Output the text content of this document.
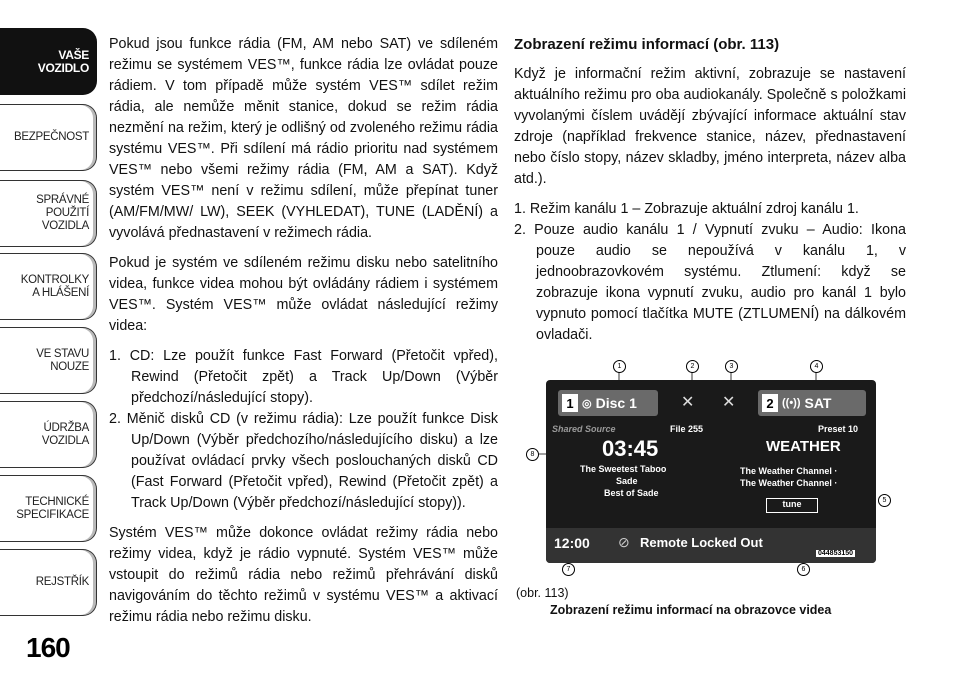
VAŠE
VOZIDLO
BEZPEČNOST
SPRÁVNÉ
POUŽITÍ
VOZIDLA
KONTROLKY
A HLÁŠENÍ
VE STAVU
NOUZE
ÚDRŽBA
VOZIDLA
TECHNICKÉ
SPECIFIKACE
REJSTŘÍK
160

Pokud jsou funkce rádia (FM, AM nebo SAT) ve sdíleném režimu se systémem VES™, funkce rádia lze ovládat pouze rádiem. V tom případě může systém VES™ sdílet režim rádia, ale nemůže měnit stanice, dokud se režim rádia nezmění na režim, který je odlišný od zvoleného režimu rádia systému VES™. Při sdílení má rádio prioritu nad systémem VES™ nebo všemi režimy rádia (FM, AM a SAT). Když systém VES™ není v režimu sdílení, může přepínat tuner (AM/FM/MW/ LW), SEEK (VYHLEDAT), TUNE (LADĚNÍ) a vyvolává přednastavení v režimech rádia.

Pokud je systém ve sdíleném režimu disku nebo satelitního videa, funkce videa mohou být ovládány rádiem i systémem VES™. Systém VES™ může ovládat následující režimy videa:

1. CD: Lze použít funkce Fast Forward (Přetočit vpřed), Rewind (Přetočit zpět) a Track Up/Down (Výběr předchozí/následující stopy).

2. Měnič disků CD (v režimu rádia): Lze použít funkce Disk Up/Down (Výběr předchozího/následujícího disku) a lze používat ovládací prvky všech poslouchaných disků CD (Fast Forward (Přetočit vpřed), Rewind (Přetočit zpět) a Track Up/Down (Výběr předchozí/následující stopy)).

Systém VES™ může dokonce ovládat režimy rádia nebo režimy videa, když je rádio vypnuté. Systém VES™ může vstoupit do režimů rádia nebo režimů přehrávání disků navigováním do těchto režimů v systému VES™ a aktivací režimu rádia nebo režimu disku.

Zobrazení režimu informací (obr. 113)

Když je informační režim aktivní, zobrazuje se nastavení aktuálního režimu pro oba audiokanály. Společně s položkami vyvolanými číslem uvádějí zbývající informace aktuální stav zdroje (například frekvence stanice, název, přednastavení nebo číslo stopy, název skladby, jméno interpreta, název alba atd.).

1. Režim kanálu 1 – Zobrazuje aktuální zdroj kanálu 1.

2. Pouze audio kanálu 1 / Vypnutí zvuku – Audio: Ikona pouze audio se nepoužívá v kanálu 1, v jednoobrazovkovém systému. Ztlumení: když se zobrazuje ikona vypnutí zvuku, audio pro kanál 1 bylo vypnuto pomocí tlačítka MUTE (ZTLUMENÍ) na dálkovém ovladači.

1	2	3	4
5
6
7
8
1 ◎ Disc 1	✕ ✕	2 ((•)) SAT
Shared Source	File 255
03:45
The Sweetest Taboo
Sade
Best of Sade
Preset 10
WEATHER
The Weather Channel ·
The Weather Channel ·
tune
12:00 ⊘ Remote Locked Out
044853150
(obr. 113)
Zobrazení režimu informací na obrazovce videa
